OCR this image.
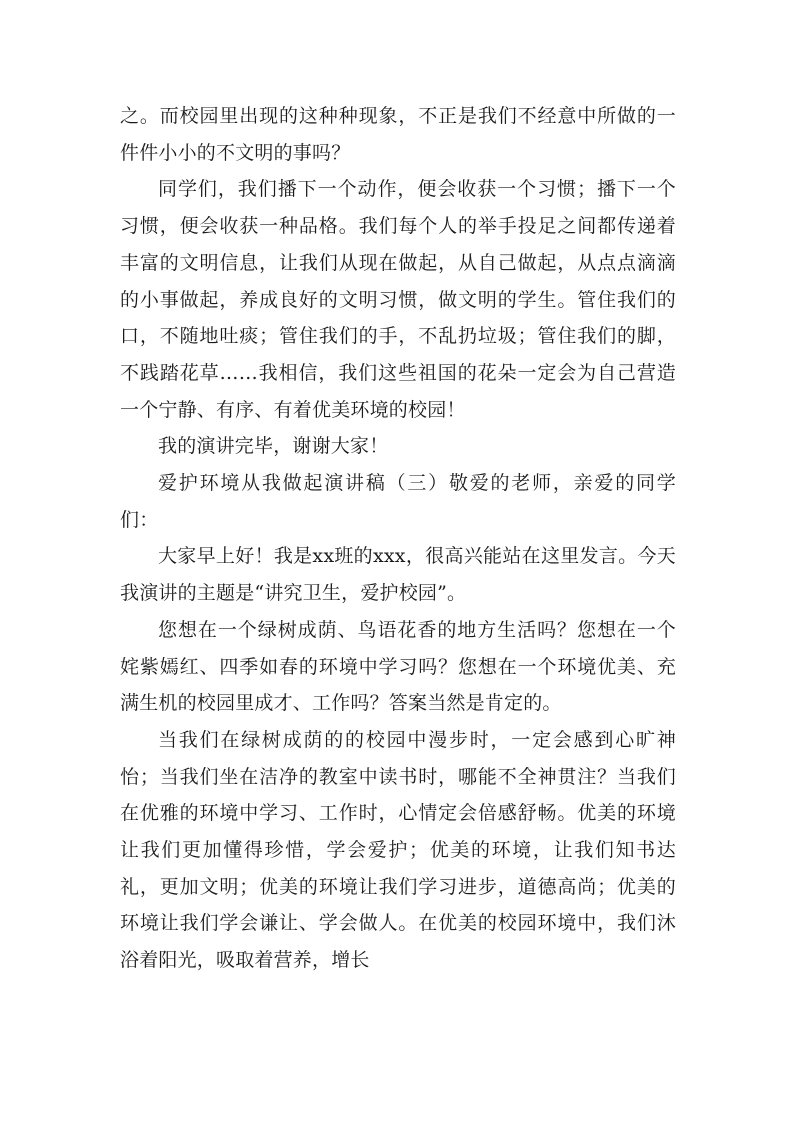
之。而校园里出现的这种种现象，不正是我们不经意中所做的一件件小小的不文明的事吗？

同学们，我们播下一个动作，便会收获一个习惯；播下一个习惯，便会收获一种品格。我们每个人的举手投足之间都传递着丰富的文明信息，让我们从现在做起，从自己做起，从点点滴滴的小事做起，养成良好的文明习惯，做文明的学生。管住我们的口，不随地吐痰；管住我们的手，不乱扔垃圾；管住我们的脚，不践踏花草……我相信，我们这些祖国的花朵一定会为自己营造一个宁静、有序、有着优美环境的校园！

我的演讲完毕，谢谢大家！

爱护环境从我做起演讲稿（三）敬爱的老师，亲爱的同学们：

大家早上好！我是xx班的xxx，很高兴能站在这里发言。今天我演讲的主题是“讲究卫生，爱护校园”。

您想在一个绿树成荫、鸟语花香的地方生活吗？您想在一个姹紫嫣红、四季如春的环境中学习吗？您想在一个环境优美、充满生机的校园里成才、工作吗？答案当然是肯定的。

当我们在绿树成荫的的校园中漫步时，一定会感到心旷神怡；当我们坐在洁净的教室中读书时，哪能不全神贯注？当我们在优雅的环境中学习、工作时，心情定会倍感舒畅。优美的环境让我们更加懂得珍惜，学会爱护；优美的环境，让我们知书达礼，更加文明；优美的环境让我们学习进步，道德高尚；优美的环境让我们学会谦让、学会做人。在优美的校园环境中，我们沐浴着阳光，吸取着营养，增长
